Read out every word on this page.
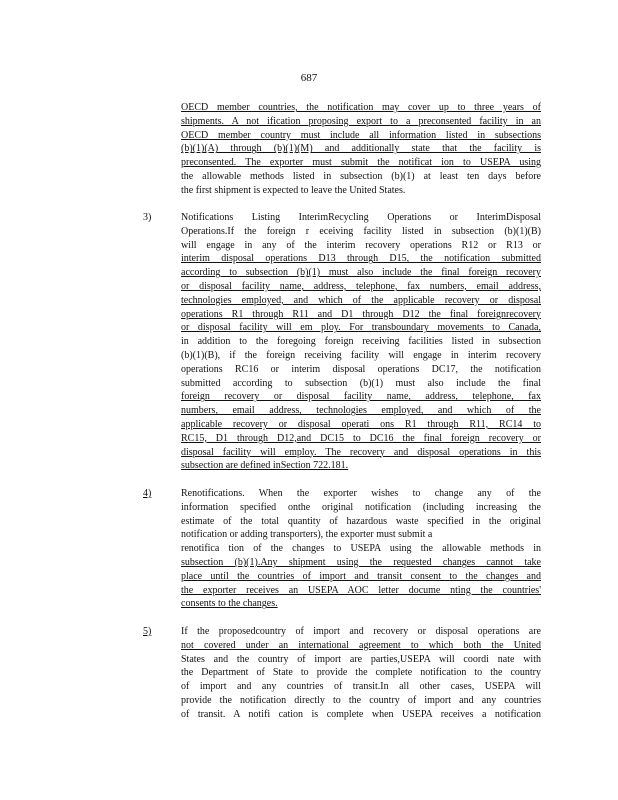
687
OECD member countries, the notification may cover up to three years of
shipments. A not ification proposing export to a preconsented facility in an
OECD member country must include all information listed in subsections
(b)(1)(A) through (b)(1)(M) and additionally state that the facility is
preconsented. The exporter must submit the notificat ion to USEPA using
the allowable methods listed in subsection (b)(1) at least ten days before
the first shipment is expected to leave the United States.
3)	Notifications Listing InterimRecycling Operations or InterimDisposal
Operations.If the foreign r eceiving facility listed in subsection (b)(1)(B)
will engage in any of the interim recovery operations R12 or R13 or
interim disposal operations D13 through D15, the notification submitted
according to subsection (b)(1) must also include the final foreign recovery
or disposal facility name, address, telephone, fax numbers, email address,
technologies employed, and which of the applicable recovery or disposal
operations R1 through R11 and D1 through D12 the final foreignrecovery
or disposal facility will em ploy. For transboundary movements to Canada,
in addition to the foregoing foreign receiving facilities listed in subsection
(b)(1)(B), if the foreign receiving facility will engage in interim recovery
operations RC16 or interim disposal operations DC17, the notification
submitted according to subsection (b)(1) must also include the final
foreign recovery or disposal facility name, address, telephone, fax
numbers, email address, technologies employed, and which of the
applicable recovery or disposal operati ons R1 through R11, RC14 to
RC15, D1 through D12,and DC15 to DC16 the final foreign recovery or
disposal facility will employ. The recovery and disposal operations in this
subsection are defined inSection 722.181.
4)	Renotifications. When the exporter wishes to change any of the
information specified onthe original notification (including increasing the
estimate of the total quantity of hazardous waste specified in the original
notification or adding transporters), the exporter must submit a
renotifica tion of the changes to USEPA using the allowable methods in
subsection (b)(1).Any shipment using the requested changes cannot take
place until the countries of import and transit consent to the changes and
the exporter receives an USEPA AOC letter docume nting the countries'
consents to the changes.
5)	If the proposedcountry of import and recovery or disposal operations are
not covered under an international agreement to which both the United
States and the country of import are parties,USEPA will coordi nate with
the Department of State to provide the complete notification to the country
of import and any countries of transit.In all other cases, USEPA will
provide the notification directly to the country of import and any countries
of transit. A notifi cation is complete when USEPA receives a notification
